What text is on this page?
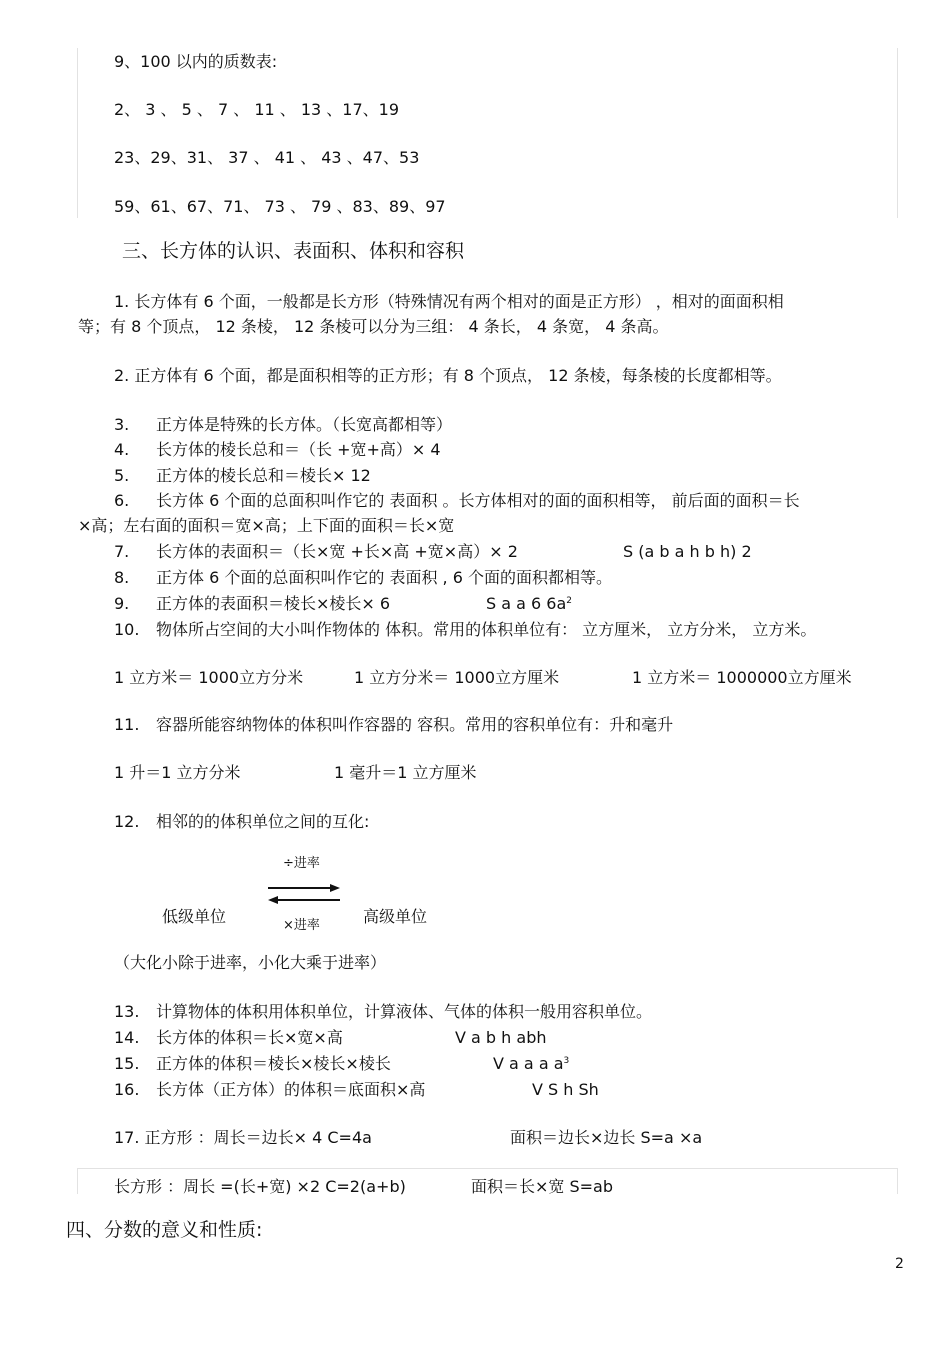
9、100 以内的质数表:
2、 3 、 5 、 7 、 11 、 13 、17、19
23、29、31、 37 、 41 、 43 、47、53
59、61、67、71、 73 、 79 、83、89、97
三、长方体的认识、表面积、体积和容积
1. 长方体有 6 个面，一般都是长方形（特殊情况有两个相对的面是正方形） ，相对的面面积相
等；有 8 个顶点， 12 条棱， 12 条棱可以分为三组： 4 条长， 4 条宽， 4 条高。
2. 正方体有 6 个面，都是面积相等的正方形；有 8 个顶点， 12 条棱，每条棱的长度都相等。
3. 正方体是特殊的长方体。（长宽高都相等）
4. 长方体的棱长总和＝（长 +宽+高）× 4
5. 正方体的棱长总和＝棱长× 12
6. 长方体 6 个面的总面积叫作它的 表面积 。长方体相对的面的面积相等， 前后面的面积＝长
×高；左右面的面积＝宽×高；上下面的面积＝长×宽
7. 长方体的表面积＝（长×宽 +长×高 +宽×高）× 2	S (a b a h b h) 2
8. 正方体 6 个面的总面积叫作它的 表面积 , 6 个面的面积都相等。
9. 正方体的表面积＝棱长×棱长× 6	S a a 6 $6a^2$
10. 物体所占空间的大小叫作物体的 体积。常用的体积单位有： 立方厘米， 立方分米， 立方米。
1 立方米＝ 1000立方分米	1 立方分米＝ 1000立方厘米	1 立方米＝ 1000000立方厘米
11. 容器所能容纳物体的体积叫作容器的 容积。常用的容积单位有：升和毫升
1 升＝1 立方分米	1 毫升＝1 立方厘米
12. 相邻的的体积单位之间的互化:
÷进率
低级单位	高级单位
×进率
（大化小除于进率，小化大乘于进率）
13. 计算物体的体积用体积单位，计算液体、气体的体积一般用容积单位。
14. 长方体的体积＝长×宽×高	V a b h abh
15. 正方体的体积＝棱长×棱长×棱长	V a a a $a^3$
16. 长方体（正方体）的体积＝底面积×高	V S h Sh
17. 正方形 ：周长＝边长× 4 C=4a	面积＝边长×边长 S=a ×a
长方形 ：周长 =(长+宽) ×2 C=2(a+b)	面积＝长×宽 S=ab
四、分数的意义和性质:
2
